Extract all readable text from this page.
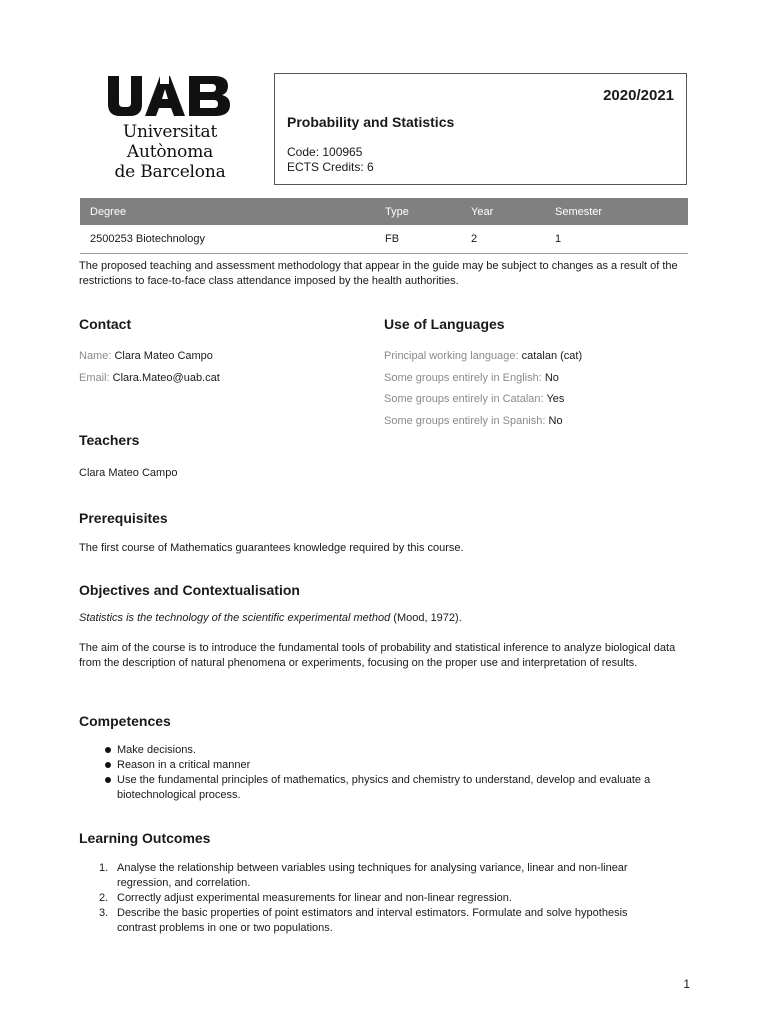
Universitat Autònoma
de Barcelona
2020/2021
Probability and Statistics
Code: 100965
ECTS Credits: 6
Degree	Type	Year	Semester
2500253 Biotechnology	FB	2	1
The proposed teaching and assessment methodology that appear in the guide may be subject to changes as a result of the restrictions to face-to-face class attendance imposed by the health authorities.
Contact
Name: Clara Mateo Campo
Email: Clara.Mateo@uab.cat
Use of Languages
Principal working language: catalan (cat)
Some groups entirely in English: No
Some groups entirely in Catalan: Yes
Some groups entirely in Spanish: No
Teachers
Clara Mateo Campo
Prerequisites
The first course of Mathematics guarantees knowledge required by this course.
Objectives and Contextualisation
Statistics is the technology of the scientific experimental method (Mood, 1972).
The aim of the course is to introduce the fundamental tools of probability and statistical inference to analyze biological data from the description of natural phenomena or experiments, focusing on the proper use and interpretation of results.
Competences
Make decisions.
Reason in a critical manner
Use the fundamental principles of mathematics, physics and chemistry to understand, develop and evaluate a biotechnological process.
Learning Outcomes
1. Analyse the relationship between variables using techniques for analysing variance, linear and non-linear regression, and correlation.
2. Correctly adjust experimental measurements for linear and non-linear regression.
3. Describe the basic properties of point estimators and interval estimators. Formulate and solve hypothesis contrast problems in one or two populations.
1
